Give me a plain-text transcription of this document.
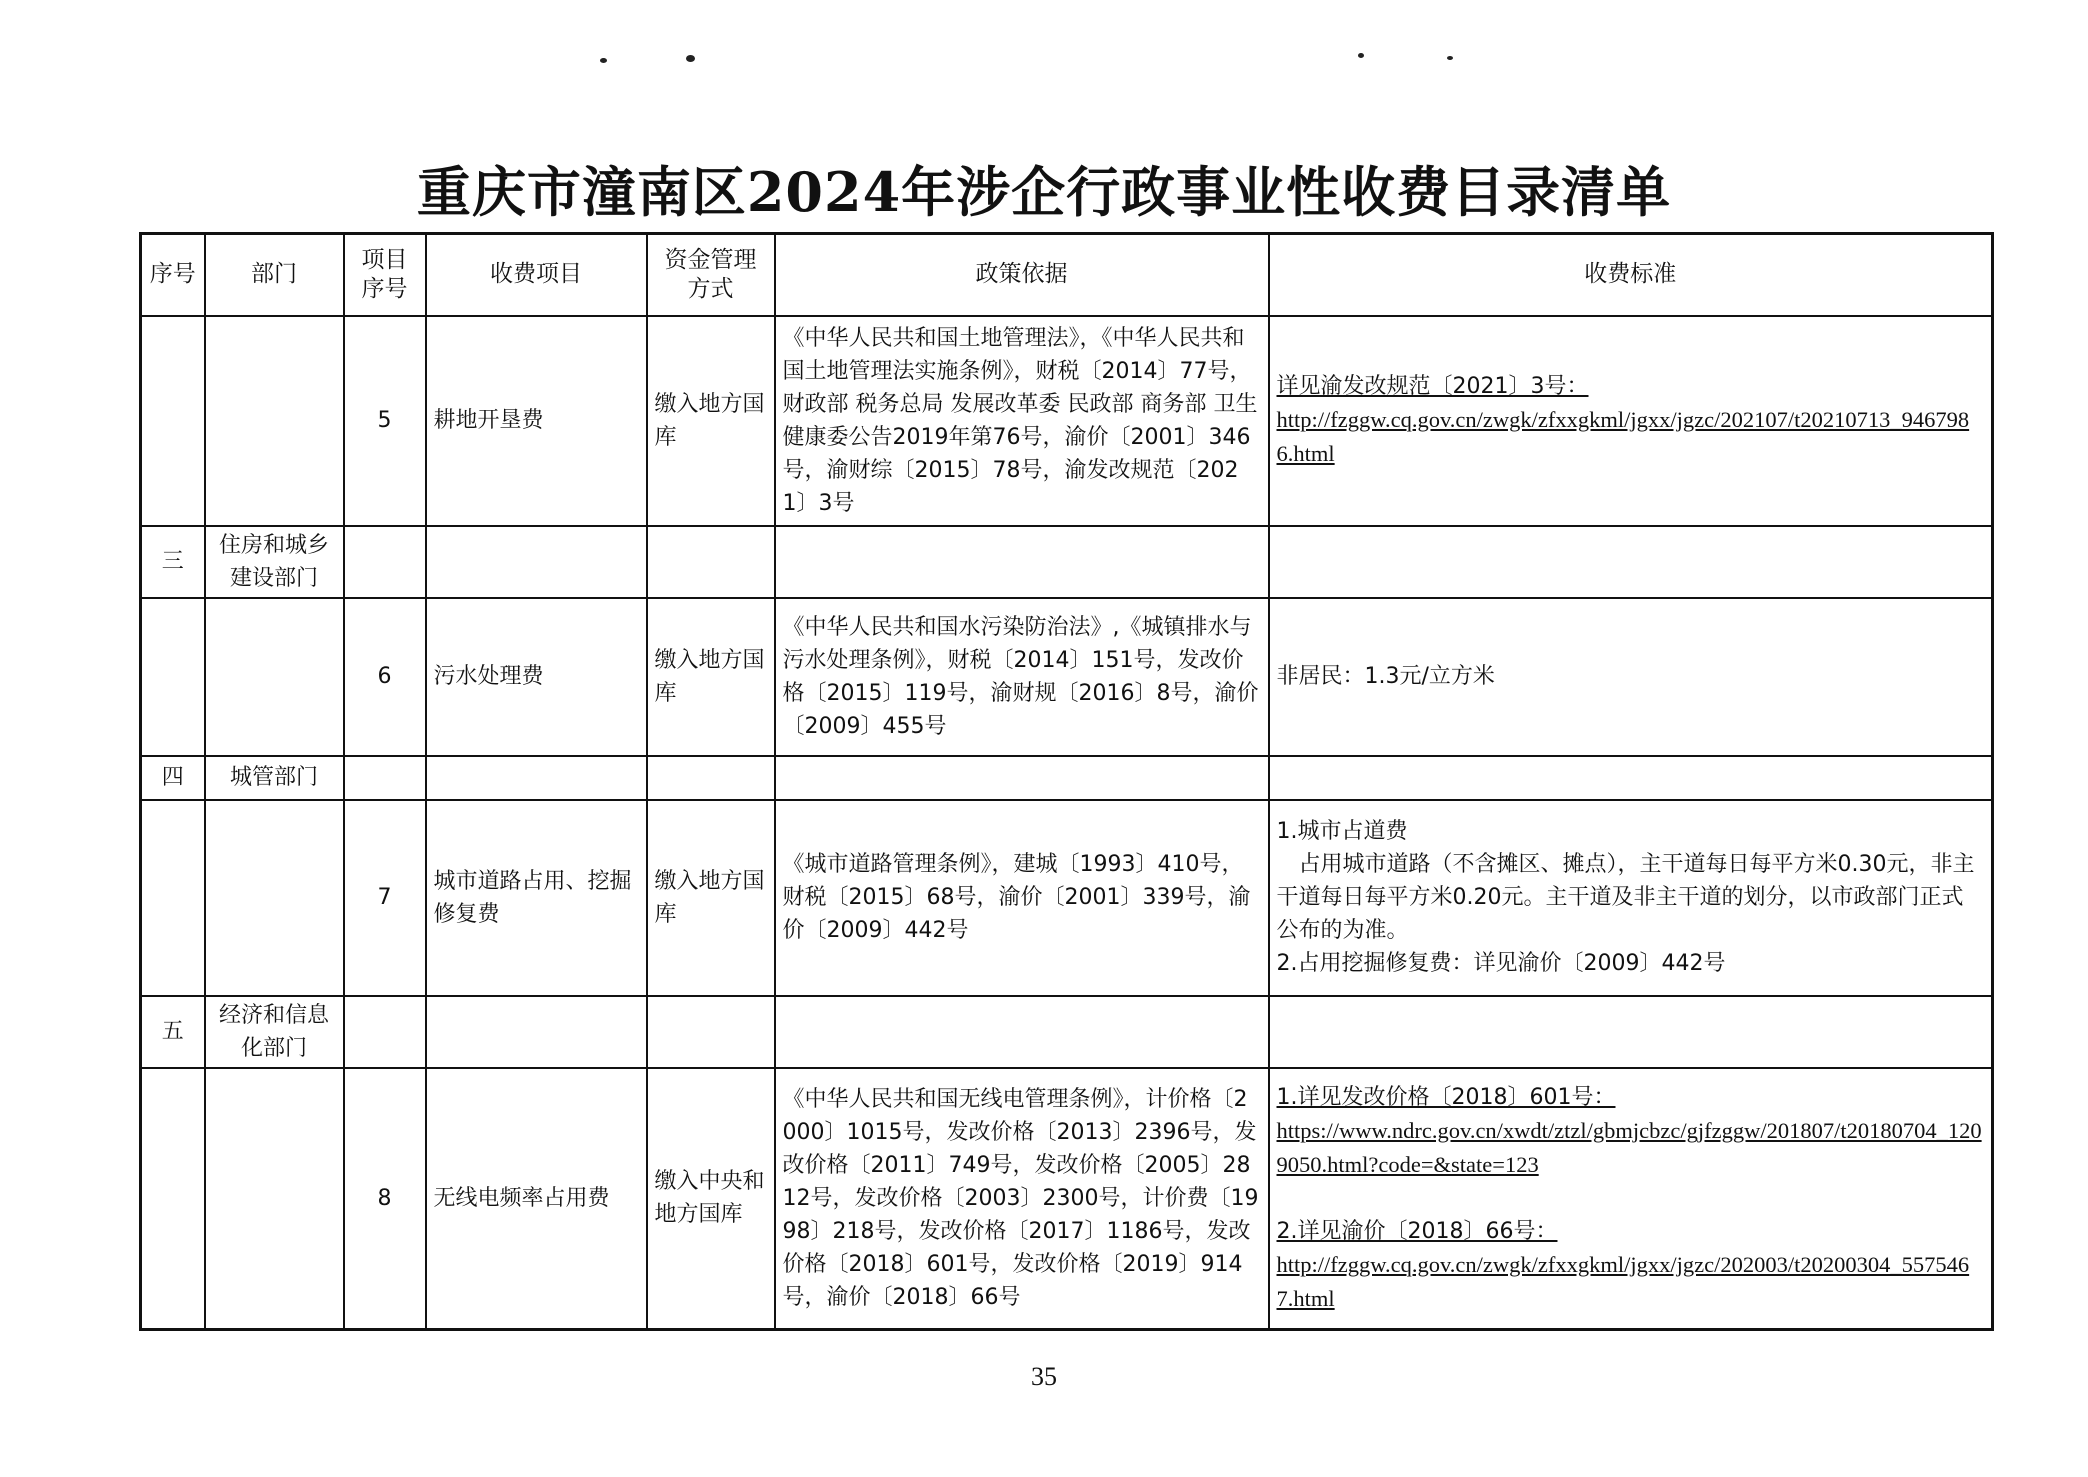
重庆市潼南区2024年涉企行政事业性收费目录清单
序号	部门	项目序号	收费项目	资金管理方式	政策依据	收费标准
		5	耕地开垦费	缴入地方国库	《中华人民共和国土地管理法》，《中华人民共和国土地管理法实施条例》，财税〔2014〕77号，财政部 税务总局 发展改革委 民政部 商务部 卫生健康委公告2019年第76号，渝价〔2001〕346号，渝财综〔2015〕78号，渝发改规范〔2021〕3号	详见渝发改规范〔2021〕3号：
http://fzggw.cq.gov.cn/zwgk/zfxxgkml/jgxx/jgzc/202107/t20210713_9467986.html
三	住房和城乡建设部门					
		6	污水处理费	缴入地方国库	《中华人民共和国水污染防治法》,《城镇排水与污水处理条例》，财税〔2014〕151号，发改价格〔2015〕119号，渝财规〔2016〕8号，渝价〔2009〕455号	非居民：1.3元/立方米
四	城管部门					
		7	城市道路占用、挖掘修复费	缴入地方国库	《城市道路管理条例》，建城〔1993〕410号，财税〔2015〕68号，渝价〔2001〕339号，渝价〔2009〕442号	1.城市占道费
占用城市道路（不含摊区、摊点），主干道每日每平方米0.30元，非主干道每日每平方米0.20元。主干道及非主干道的划分，以市政部门正式公布的为准。
2.占用挖掘修复费：详见渝价〔2009〕442号

五	经济和信息化部门					
		8	无线电频率占用费	缴入中央和地方国库	《中华人民共和国无线电管理条例》，计价格〔2000〕1015号，发改价格〔2013〕2396号，发改价格〔2011〕749号，发改价格〔2005〕2812号，发改价格〔2003〕2300号，计价费〔1998〕218号，发改价格〔2017〕1186号，发改价格〔2018〕601号，发改价格〔2019〕914号，渝价〔2018〕66号	1.详见发改价格〔2018〕601号：
https://www.ndrc.gov.cn/xwdt/ztzl/gbmjcbzc/gjfzggw/201807/t20180704_1209050.html?code=&state=123
2.详见渝价〔2018〕66号：
http://fzggw.cq.gov.cn/zwgk/zfxxgkml/jgxx/jgzc/202003/t20200304_5575467.html
35
